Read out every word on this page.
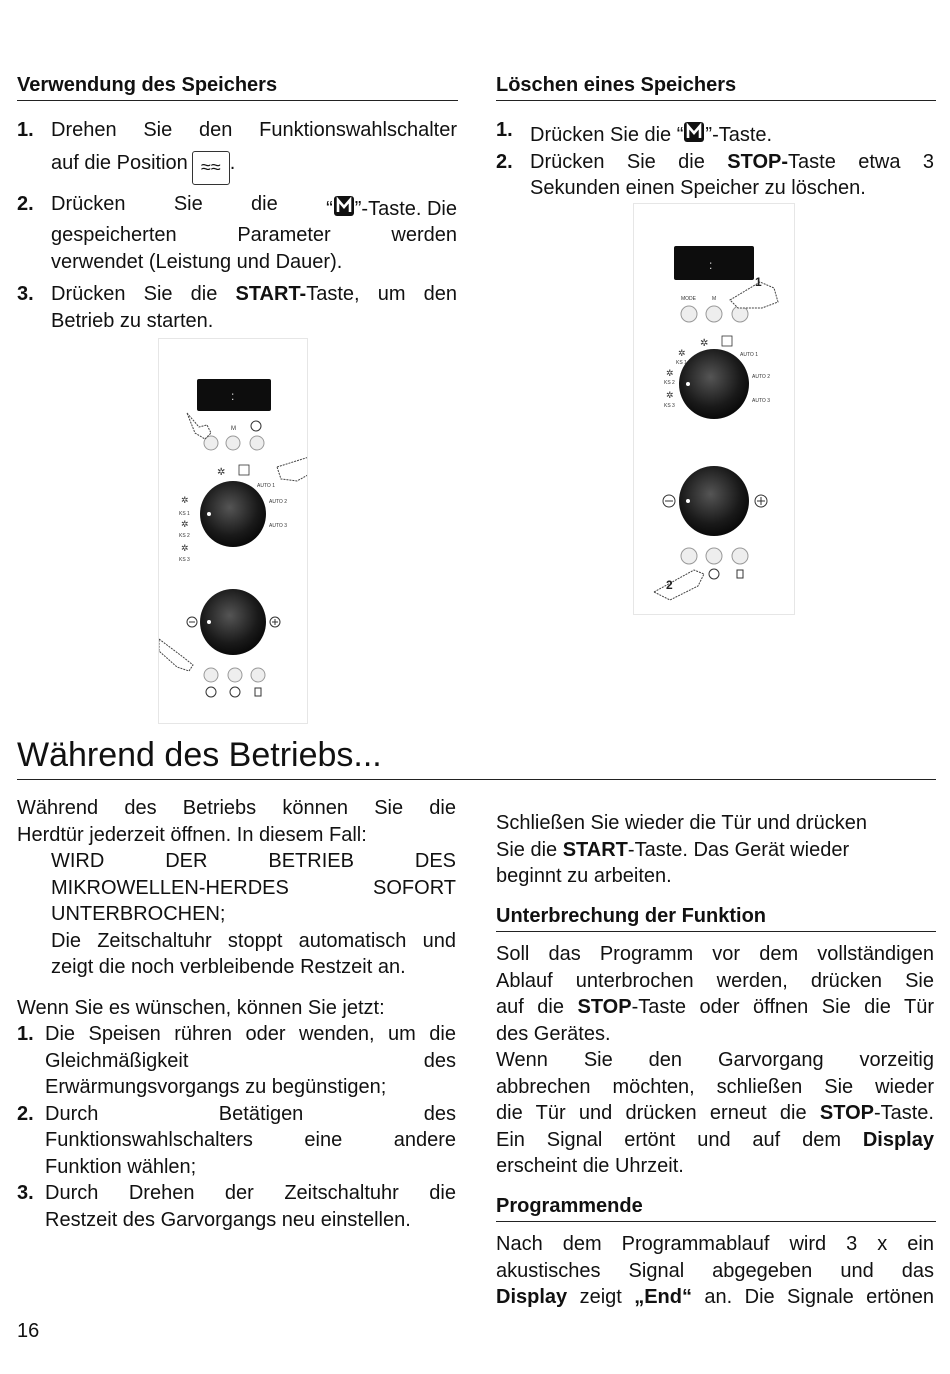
Verwendung des Speichers
1. Drehen Sie den Funktionswahlschalter
auf die Position ≈≈ .
2. Drücken Sie die “ ”-Taste. Die
gespeicherten Parameter werden
verwendet (Leistung und Dauer).
3. Drücken Sie die START-Taste, um den
Betrieb zu starten.
Löschen eines Speichers
1. Drücken Sie die “ ”-Taste.
2. Drücken Sie die STOP-Taste etwa 3
Sekunden einen Speicher zu löschen.
:
M
✲
✲
KS 1
✲
KS 2
✲
KS 3
AUTO 1
AUTO 2
AUTO 3
:
MODE	M
1
✲
✲
KS 1
✲
KS 2
✲
KS 3
AUTO 1
AUTO 2
AUTO 3
2
Während des Betriebs...
Während des Betriebs können Sie die
Herdtür jederzeit öffnen. In diesem Fall:
WIRD DER BETRIEB DES
MIKROWELLEN-HERDES SOFORT
UNTERBROCHEN;
Die Zeitschaltuhr stoppt automatisch und
zeigt die noch verbleibende Restzeit an.
Wenn Sie es wünschen, können Sie jetzt:
1. Die Speisen rühren oder wenden, um die
Gleichmäßigkeit	des
Erwärmungsvorgangs zu begünstigen;
2. Durch	Betätigen	des
Funktionswahlschalters eine andere
Funktion wählen;
3. Durch Drehen der Zeitschaltuhr die
Restzeit des Garvorgangs neu einstellen.
Schließen Sie wieder die Tür und drücken
Sie die START-Taste. Das Gerät wieder
beginnt zu arbeiten.
Unterbrechung der Funktion
Soll das Programm vor dem vollständigen
Ablauf unterbrochen werden, drücken Sie
auf die STOP-Taste oder öffnen Sie die Tür
des Gerätes.
Wenn Sie den Garvorgang vorzeitig
abbrechen möchten, schließen Sie wieder
die Tür und drücken erneut die STOP-Taste.
Ein Signal ertönt und auf dem Display
erscheint die Uhrzeit.
Programmende
Nach dem Programmablauf wird 3 x ein
akustisches Signal abgegeben und das
Display zeigt „End“ an. Die Signale ertönen
16
